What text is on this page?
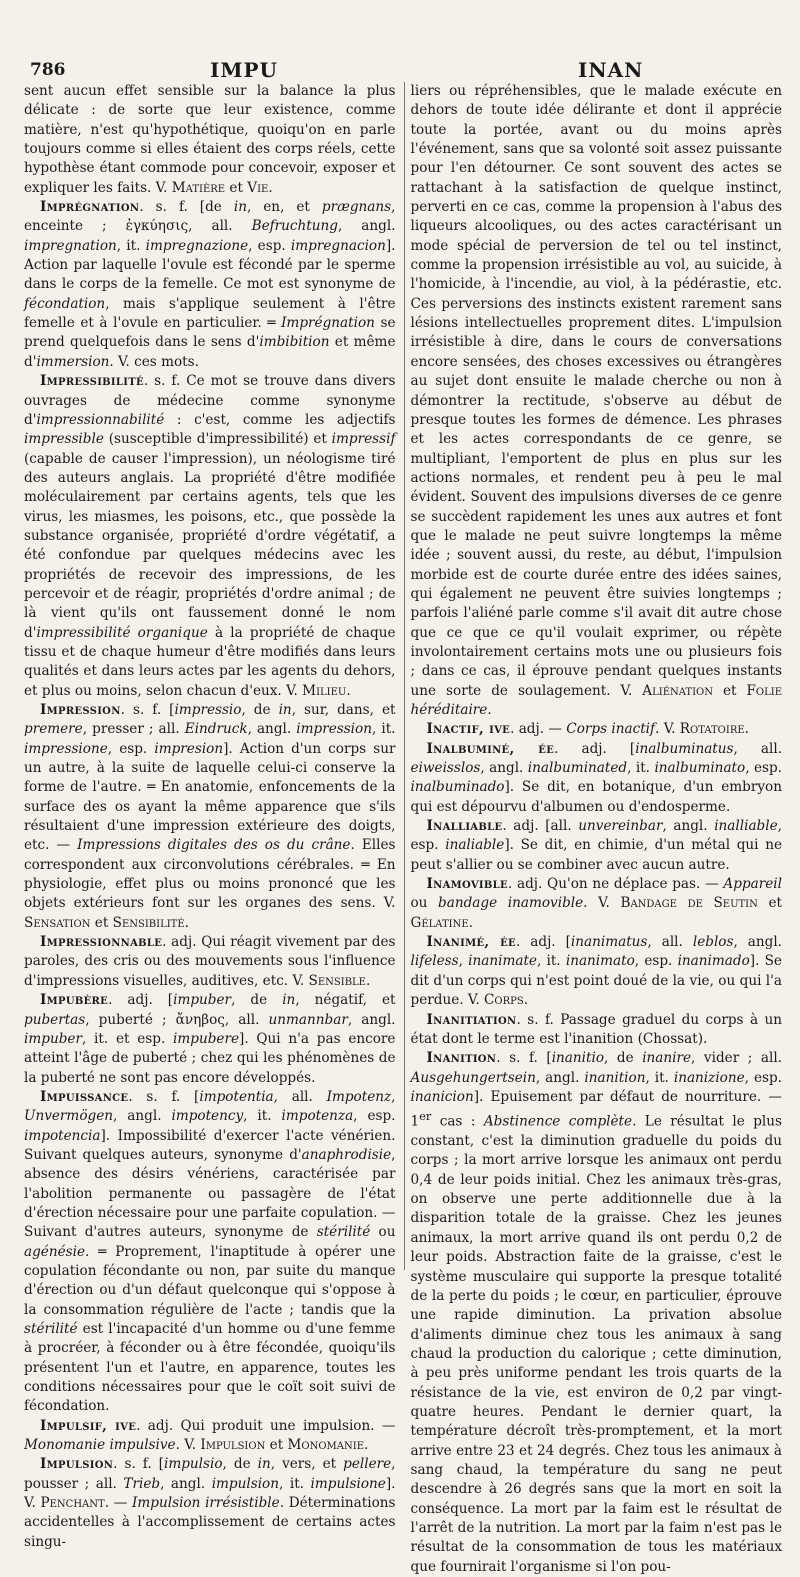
786	IMPU	INAN

sent aucun effet sensible sur la balance la plus délicate : de sorte que leur existence, comme matière, n'est qu'hypothétique, quoiqu'on en parle toujours comme si elles étaient des corps réels, cette hypothèse étant commode pour concevoir, exposer et expliquer les faits. V. Matière et Vie.

Imprégnation. s. f. [de in, en, et prægnans, enceinte ; ἐγκύησις, all. Befruchtung, angl. impregnation, it. impregnazione, esp. impregnacion]. Action par laquelle l'ovule est fécondé par le sperme dans le corps de la femelle. Ce mot est synonyme de fécondation, mais s'applique seulement à l'être femelle et à l'ovule en particulier. ═ Imprégnation se prend quelquefois dans le sens d'imbibition et même d'immersion. V. ces mots.

Impressibilité. s. f. Ce mot se trouve dans divers ouvrages de médecine comme synonyme d'impressionnabilité : c'est, comme les adjectifs impressible (susceptible d'impressibilité) et impressif (capable de causer l'impression), un néologisme tiré des auteurs anglais. La propriété d'être modifiée moléculairement par certains agents, tels que les virus, les miasmes, les poisons, etc., que possède la substance organisée, propriété d'ordre végétatif, a été confondue par quelques médecins avec les propriétés de recevoir des impressions, de les percevoir et de réagir, propriétés d'ordre animal ; de là vient qu'ils ont faussement donné le nom d'impressibilité organique à la propriété de chaque tissu et de chaque humeur d'être modifiés dans leurs qualités et dans leurs actes par les agents du dehors, et plus ou moins, selon chacun d'eux. V. Milieu.

Impression. s. f. [impressio, de in, sur, dans, et premere, presser ; all. Eindruck, angl. impression, it. impressione, esp. impresion]. Action d'un corps sur un autre, à la suite de laquelle celui-ci conserve la forme de l'autre. ═ En anatomie, enfoncements de la surface des os ayant la même apparence que s'ils résultaient d'une impression extérieure des doigts, etc. — Impressions digitales des os du crâne. Elles correspondent aux circonvolutions cérébrales. ═ En physiologie, effet plus ou moins prononcé que les objets extérieurs font sur les organes des sens. V. Sensation et Sensibilité.

Impressionnable. adj. Qui réagit vivement par des paroles, des cris ou des mouvements sous l'influence d'impressions visuelles, auditives, etc. V. Sensible.

Impubère. adj. [impuber, de in, négatif, et pubertas, puberté ; ἄνηβος, all. unmannbar, angl. impuber, it. et esp. impubere]. Qui n'a pas encore atteint l'âge de puberté ; chez qui les phénomènes de la puberté ne sont pas encore développés.

Impuissance. s. f. [impotentia, all. Impotenz, Unvermögen, angl. impotency, it. impotenza, esp. impotencia]. Impossibilité d'exercer l'acte vénérien. Suivant quelques auteurs, synonyme d'anaphrodisie, absence des désirs vénériens, caractérisée par l'abolition permanente ou passagère de l'état d'érection nécessaire pour une parfaite copulation. — Suivant d'autres auteurs, synonyme de stérilité ou agénésie. ═ Proprement, l'inaptitude à opérer une copulation fécondante ou non, par suite du manque d'érection ou d'un défaut quelconque qui s'oppose à la consommation régulière de l'acte ; tandis que la stérilité est l'incapacité d'un homme ou d'une femme à procréer, à féconder ou à être fécondée, quoiqu'ils présentent l'un et l'autre, en apparence, toutes les conditions nécessaires pour que le coït soit suivi de fécondation.

Impulsif, ive. adj. Qui produit une impulsion. — Monomanie impulsive. V. Impulsion et Monomanie.

Impulsion. s. f. [impulsio, de in, vers, et pellere, pousser ; all. Trieb, angl. impulsion, it. impulsione]. V. Penchant. — Impulsion irrésistible. Déterminations accidentelles à l'accomplissement de certains actes singu-

liers ou répréhensibles, que le malade exécute en dehors de toute idée délirante et dont il apprécie toute la portée, avant ou du moins après l'événement, sans que sa volonté soit assez puissante pour l'en détourner. Ce sont souvent des actes se rattachant à la satisfaction de quelque instinct, perverti en ce cas, comme la propension à l'abus des liqueurs alcooliques, ou des actes caractérisant un mode spécial de perversion de tel ou tel instinct, comme la propension irrésistible au vol, au suicide, à l'homicide, à l'incendie, au viol, à la pédérastie, etc. Ces perversions des instincts existent rarement sans lésions intellectuelles proprement dites. L'impulsion irrésistible à dire, dans le cours de conversations encore sensées, des choses excessives ou étrangères au sujet dont ensuite le malade cherche ou non à démontrer la rectitude, s'observe au début de presque toutes les formes de démence. Les phrases et les actes correspondants de ce genre, se multipliant, l'emportent de plus en plus sur les actions normales, et rendent peu à peu le mal évident. Souvent des impulsions diverses de ce genre se succèdent rapidement les unes aux autres et font que le malade ne peut suivre longtemps la même idée ; souvent aussi, du reste, au début, l'impulsion morbide est de courte durée entre des idées saines, qui également ne peuvent être suivies longtemps ; parfois l'aliéné parle comme s'il avait dit autre chose que ce que ce qu'il voulait exprimer, ou répète involontairement certains mots une ou plusieurs fois ; dans ce cas, il éprouve pendant quelques instants une sorte de soulagement. V. Aliénation et Folie héréditaire.

Inactif, ive. adj. — Corps inactif. V. Rotatoire.

Inalbuminé, ée. adj. [inalbuminatus, all. eiweisslos, angl. inalbuminated, it. inalbuminato, esp. inalbuminado]. Se dit, en botanique, d'un embryon qui est dépourvu d'albumen ou d'endosperme.

Inalliable. adj. [all. unvereinbar, angl. inalliable, esp. inaliable]. Se dit, en chimie, d'un métal qui ne peut s'allier ou se combiner avec aucun autre.

Inamovible. adj. Qu'on ne déplace pas. — Appareil ou bandage inamovible. V. Bandage de Seutin et Gélatine.

Inanimé, ée. adj. [inanimatus, all. leblos, angl. lifeless, inanimate, it. inanimato, esp. inanimado]. Se dit d'un corps qui n'est point doué de la vie, ou qui l'a perdue. V. Corps.

Inanitiation. s. f. Passage graduel du corps à un état dont le terme est l'inanition (Chossat).

Inanition. s. f. [inanitio, de inanire, vider ; all. Ausgehungertsein, angl. inanition, it. inanizione, esp. inanicion]. Epuisement par défaut de nourriture. — 1er cas : Abstinence complète. Le résultat le plus constant, c'est la diminution graduelle du poids du corps ; la mort arrive lorsque les animaux ont perdu 0,4 de leur poids initial. Chez les animaux très-gras, on observe une perte additionnelle due à la disparition totale de la graisse. Chez les jeunes animaux, la mort arrive quand ils ont perdu 0,2 de leur poids. Abstraction faite de la graisse, c'est le système musculaire qui supporte la presque totalité de la perte du poids ; le cœur, en particulier, éprouve une rapide diminution. La privation absolue d'aliments diminue chez tous les animaux à sang chaud la production du calorique ; cette diminution, à peu près uniforme pendant les trois quarts de la résistance de la vie, est environ de 0,2 par vingt-quatre heures. Pendant le dernier quart, la température décroît très-promptement, et la mort arrive entre 23 et 24 degrés. Chez tous les animaux à sang chaud, la température du sang ne peut descendre à 26 degrés sans que la mort en soit la conséquence. La mort par la faim est le résultat de l'arrêt de la nutrition. La mort par la faim n'est pas le résultat de la consommation de tous les matériaux que fournirait l'organisme si l'on pou-
